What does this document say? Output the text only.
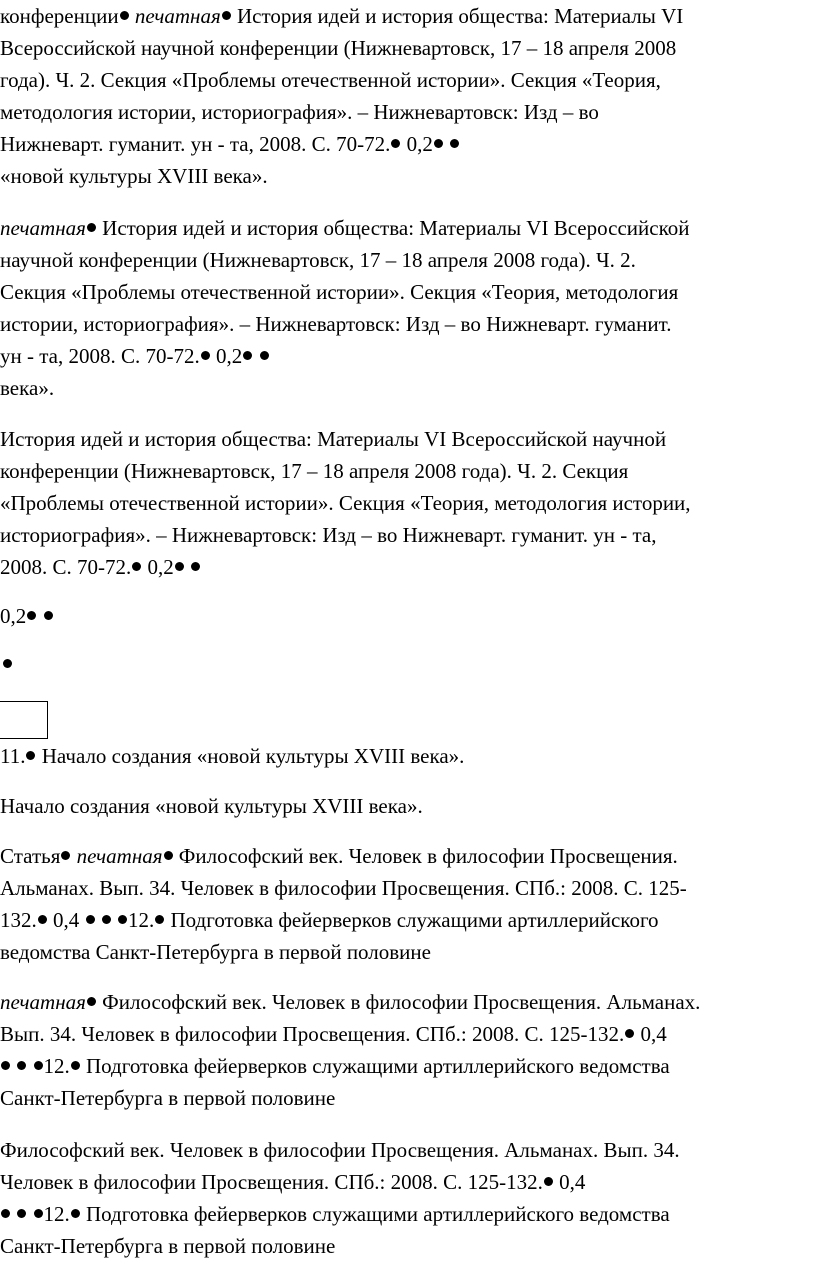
конференции печатная История идей и история общества: Материалы VI
Всероссийской научной конференции (Нижневартовск, 17 – 18 апреля 2008
года). Ч. 2. Секция «Проблемы отечественной истории». Секция «Теория,
методология истории, историография». – Нижневартовск: Изд – во
Нижневарт. гуманит. ун - та, 2008. С. 70-72. 0,2
«новой культуры XVIII века».
печатная История идей и история общества: Материалы VI Всероссийской
научной конференции (Нижневартовск, 17 – 18 апреля 2008 года). Ч. 2.
Секция «Проблемы отечественной истории». Секция «Теория, методология
истории, историография». – Нижневартовск: Изд – во Нижневарт. гуманит.
ун - та, 2008. С. 70-72. 0,2
века».
История идей и история общества: Материалы VI Всероссийской научной
конференции (Нижневартовск, 17 – 18 апреля 2008 года). Ч. 2. Секция
«Проблемы отечественной истории». Секция «Теория, методология истории,
историография». – Нижневартовск: Изд – во Нижневарт. гуманит. ун - та,
2008. С. 70-72. 0,2
0,2
11. Начало создания «новой культуры XVIII века».
Начало создания «новой культуры XVIII века».
Статья печатная Философский век. Человек в философии Просвещения.
Альманах. Вып. 34. Человек в философии Просвещения. СПб.: 2008. С. 125-
132. 0,4   12. Подготовка фейерверков служащими артиллерийского
ведомства Санкт-Петербурга в первой половине
печатная Философский век. Человек в философии Просвещения. Альманах.
Вып. 34. Человек в философии Просвещения. СПб.: 2008. С. 125-132. 0,4
12. Подготовка фейерверков служащими артиллерийского ведомства
Санкт-Петербурга в первой половине
Философский век. Человек в философии Просвещения. Альманах. Вып. 34.
Человек в философии Просвещения. СПб.: 2008. С. 125-132. 0,4
12. Подготовка фейерверков служащими артиллерийского ведомства
Санкт-Петербурга в первой половине
